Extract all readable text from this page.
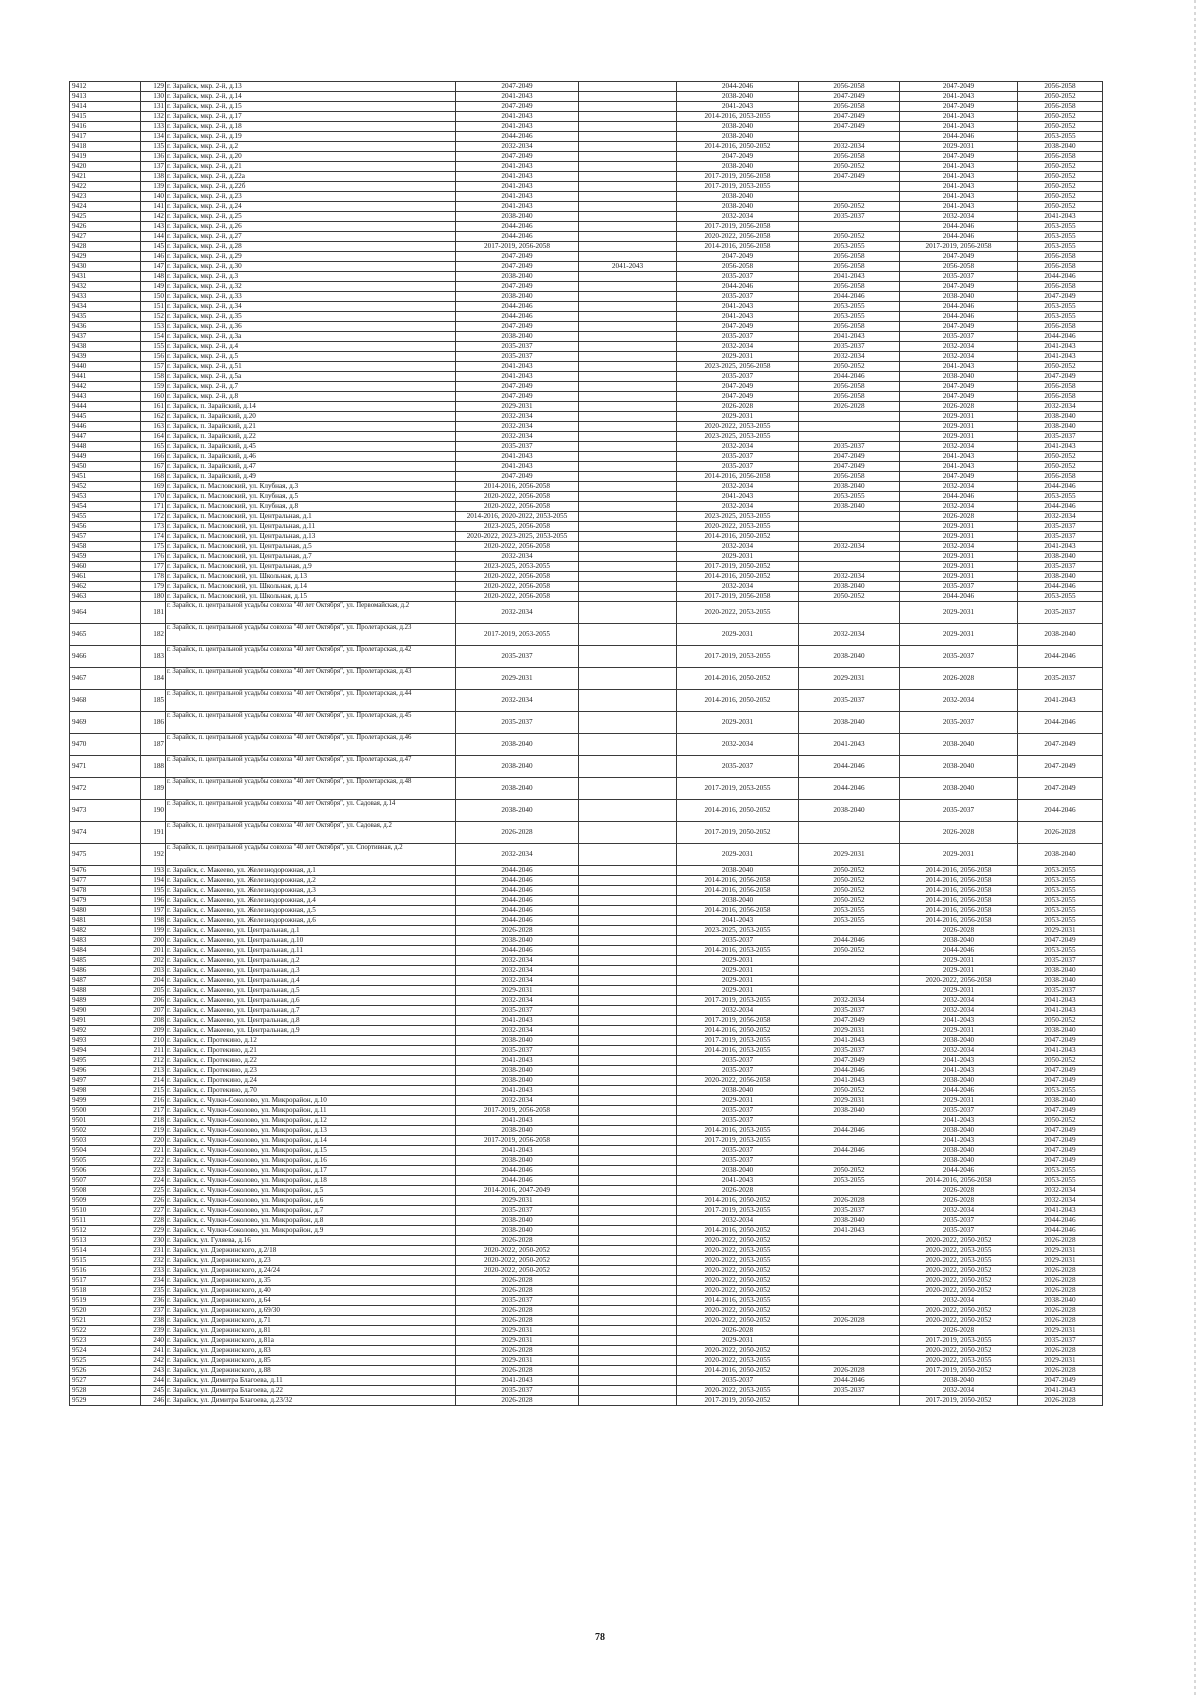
9412	129	г. Зарайск, мкр. 2-й, д.13	2047-2049		2044-2046	2056-2058	2047-2049	2056-2058
9413	130	г. Зарайск, мкр. 2-й, д.14	2041-2043		2038-2040	2047-2049	2041-2043	2050-2052
9414	131	г. Зарайск, мкр. 2-й, д.15	2047-2049		2041-2043	2056-2058	2047-2049	2056-2058
9415	132	г. Зарайск, мкр. 2-й, д.17	2041-2043		2014-2016, 2053-2055	2047-2049	2041-2043	2050-2052
9416	133	г. Зарайск, мкр. 2-й, д.18	2041-2043		2038-2040	2047-2049	2041-2043	2050-2052
9417	134	г. Зарайск, мкр. 2-й, д.19	2044-2046		2038-2040		2044-2046	2053-2055
9418	135	г. Зарайск, мкр. 2-й, д.2	2032-2034		2014-2016, 2050-2052	2032-2034	2029-2031	2038-2040
9419	136	г. Зарайск, мкр. 2-й, д.20	2047-2049		2047-2049	2056-2058	2047-2049	2056-2058
9420	137	г. Зарайск, мкр. 2-й, д.21	2041-2043		2038-2040	2050-2052	2041-2043	2050-2052
9421	138	г. Зарайск, мкр. 2-й, д.22а	2041-2043		2017-2019, 2056-2058	2047-2049	2041-2043	2050-2052
9422	139	г. Зарайск, мкр. 2-й, д.22б	2041-2043		2017-2019, 2053-2055		2041-2043	2050-2052
9423	140	г. Зарайск, мкр. 2-й, д.23	2041-2043		2038-2040		2041-2043	2050-2052
9424	141	г. Зарайск, мкр. 2-й, д.24	2041-2043		2038-2040	2050-2052	2041-2043	2050-2052
9425	142	г. Зарайск, мкр. 2-й, д.25	2038-2040		2032-2034	2035-2037	2032-2034	2041-2043
9426	143	г. Зарайск, мкр. 2-й, д.26	2044-2046		2017-2019, 2056-2058		2044-2046	2053-2055
9427	144	г. Зарайск, мкр. 2-й, д.27	2044-2046		2020-2022, 2056-2058	2050-2052	2044-2046	2053-2055
9428	145	г. Зарайск, мкр. 2-й, д.28	2017-2019, 2056-2058		2014-2016, 2056-2058	2053-2055	2017-2019, 2056-2058	2053-2055
9429	146	г. Зарайск, мкр. 2-й, д.29	2047-2049		2047-2049	2056-2058	2047-2049	2056-2058
9430	147	г. Зарайск, мкр. 2-й, д.30	2047-2049	2041-2043	2056-2058	2056-2058	2056-2058	2056-2058
9431	148	г. Зарайск, мкр. 2-й, д.3	2038-2040		2035-2037	2041-2043	2035-2037	2044-2046
9432	149	г. Зарайск, мкр. 2-й, д.32	2047-2049		2044-2046	2056-2058	2047-2049	2056-2058
9433	150	г. Зарайск, мкр. 2-й, д.33	2038-2040		2035-2037	2044-2046	2038-2040	2047-2049
9434	151	г. Зарайск, мкр. 2-й, д.34	2044-2046		2041-2043	2053-2055	2044-2046	2053-2055
9435	152	г. Зарайск, мкр. 2-й, д.35	2044-2046		2041-2043	2053-2055	2044-2046	2053-2055
9436	153	г. Зарайск, мкр. 2-й, д.36	2047-2049		2047-2049	2056-2058	2047-2049	2056-2058
9437	154	г. Зарайск, мкр. 2-й, д.3а	2038-2040		2035-2037	2041-2043	2035-2037	2044-2046
9438	155	г. Зарайск, мкр. 2-й, д.4	2035-2037		2032-2034	2035-2037	2032-2034	2041-2043
9439	156	г. Зарайск, мкр. 2-й, д.5	2035-2037		2029-2031	2032-2034	2032-2034	2041-2043
9440	157	г. Зарайск, мкр. 2-й, д.51	2041-2043		2023-2025, 2056-2058	2050-2052	2041-2043	2050-2052
9441	158	г. Зарайск, мкр. 2-й, д.5а	2041-2043		2035-2037	2044-2046	2038-2040	2047-2049
9442	159	г. Зарайск, мкр. 2-й, д.7	2047-2049		2047-2049	2056-2058	2047-2049	2056-2058
9443	160	г. Зарайск, мкр. 2-й, д.8	2047-2049		2047-2049	2056-2058	2047-2049	2056-2058
9444	161	г. Зарайск, п. Зарайский, д.14	2029-2031		2026-2028	2026-2028	2026-2028	2032-2034
9445	162	г. Зарайск, п. Зарайский, д.20	2032-2034		2029-2031		2029-2031	2038-2040
9446	163	г. Зарайск, п. Зарайский, д.21	2032-2034		2020-2022, 2053-2055		2029-2031	2038-2040
9447	164	г. Зарайск, п. Зарайский, д.22	2032-2034		2023-2025, 2053-2055		2029-2031	2035-2037
9448	165	г. Зарайск, п. Зарайский, д.45	2035-2037		2032-2034	2035-2037	2032-2034	2041-2043
9449	166	г. Зарайск, п. Зарайский, д.46	2041-2043		2035-2037	2047-2049	2041-2043	2050-2052
9450	167	г. Зарайск, п. Зарайский, д.47	2041-2043		2035-2037	2047-2049	2041-2043	2050-2052
9451	168	г. Зарайск, п. Зарайский, д.49	2047-2049		2014-2016, 2056-2058	2056-2058	2047-2049	2056-2058
9452	169	г. Зарайск, п. Масловский, ул. Клубная, д.3	2014-2016, 2056-2058		2032-2034	2038-2040	2032-2034	2044-2046
9453	170	г. Зарайск, п. Масловский, ул. Клубная, д.5	2020-2022, 2056-2058		2041-2043	2053-2055	2044-2046	2053-2055
9454	171	г. Зарайск, п. Масловский, ул. Клубная, д.8	2020-2022, 2056-2058		2032-2034	2038-2040	2032-2034	2044-2046
9455	172	г. Зарайск, п. Масловский, ул. Центральная, д.1	2014-2016, 2020-2022, 2053-2055		2023-2025, 2053-2055		2026-2028	2032-2034
9456	173	г. Зарайск, п. Масловский, ул. Центральная, д.11	2023-2025, 2056-2058		2020-2022, 2053-2055		2029-2031	2035-2037
9457	174	г. Зарайск, п. Масловский, ул. Центральная, д.13	2020-2022, 2023-2025, 2053-2055		2014-2016, 2050-2052		2029-2031	2035-2037
9458	175	г. Зарайск, п. Масловский, ул. Центральная, д.5	2020-2022, 2056-2058		2032-2034	2032-2034	2032-2034	2041-2043
9459	176	г. Зарайск, п. Масловский, ул. Центральная, д.7	2032-2034		2029-2031		2029-2031	2038-2040
9460	177	г. Зарайск, п. Масловский, ул. Центральная, д.9	2023-2025, 2053-2055		2017-2019, 2050-2052		2029-2031	2035-2037
9461	178	г. Зарайск, п. Масловский, ул. Школьная, д.13	2020-2022, 2056-2058		2014-2016, 2050-2052	2032-2034	2029-2031	2038-2040
9462	179	г. Зарайск, п. Масловский, ул. Школьная, д.14	2020-2022, 2056-2058		2032-2034	2038-2040	2035-2037	2044-2046
9463	180	г. Зарайск, п. Масловский, ул. Школьная, д.15	2020-2022, 2056-2058		2017-2019, 2056-2058	2050-2052	2044-2046	2053-2055
9464	181	г. Зарайск, п. центральной усадьбы совхоза "40 лет Октября", ул. Первомайская, д.2	2032-2034		2020-2022, 2053-2055		2029-2031	2035-2037
9465	182	г. Зарайск, п. центральной усадьбы совхоза "40 лет Октября", ул. Пролетарская, д.23	2017-2019, 2053-2055		2029-2031	2032-2034	2029-2031	2038-2040
9466	183	г. Зарайск, п. центральной усадьбы совхоза "40 лет Октября", ул. Пролетарская, д.42	2035-2037		2017-2019, 2053-2055	2038-2040	2035-2037	2044-2046
9467	184	г. Зарайск, п. центральной усадьбы совхоза "40 лет Октября", ул. Пролетарская, д.43	2029-2031		2014-2016, 2050-2052	2029-2031	2026-2028	2035-2037
9468	185	г. Зарайск, п. центральной усадьбы совхоза "40 лет Октября", ул. Пролетарская, д.44	2032-2034		2014-2016, 2050-2052	2035-2037	2032-2034	2041-2043
9469	186	г. Зарайск, п. центральной усадьбы совхоза "40 лет Октября", ул. Пролетарская, д.45	2035-2037		2029-2031	2038-2040	2035-2037	2044-2046
9470	187	г. Зарайск, п. центральной усадьбы совхоза "40 лет Октября", ул. Пролетарская, д.46	2038-2040		2032-2034	2041-2043	2038-2040	2047-2049
9471	188	г. Зарайск, п. центральной усадьбы совхоза "40 лет Октября", ул. Пролетарская, д.47	2038-2040		2035-2037	2044-2046	2038-2040	2047-2049
9472	189	г. Зарайск, п. центральной усадьбы совхоза "40 лет Октября", ул. Пролетарская, д.48	2038-2040		2017-2019, 2053-2055	2044-2046	2038-2040	2047-2049
9473	190	г. Зарайск, п. центральной усадьбы совхоза "40 лет Октября", ул. Садовая, д.14	2038-2040		2014-2016, 2050-2052	2038-2040	2035-2037	2044-2046
9474	191	г. Зарайск, п. центральной усадьбы совхоза "40 лет Октября", ул. Садовая, д.2	2026-2028		2017-2019, 2050-2052		2026-2028	2026-2028
9475	192	г. Зарайск, п. центральной усадьбы совхоза "40 лет Октября", ул. Спортивная, д.2	2032-2034		2029-2031	2029-2031	2029-2031	2038-2040
9476	193	г. Зарайск, с. Макеево, ул. Железнодорожная, д.1	2044-2046		2038-2040	2050-2052	2014-2016, 2056-2058	2053-2055
9477	194	г. Зарайск, с. Макеево, ул. Железнодорожная, д.2	2044-2046		2014-2016, 2056-2058	2050-2052	2014-2016, 2056-2058	2053-2055
9478	195	г. Зарайск, с. Макеево, ул. Железнодорожная, д.3	2044-2046		2014-2016, 2056-2058	2050-2052	2014-2016, 2056-2058	2053-2055
9479	196	г. Зарайск, с. Макеево, ул. Железнодорожная, д.4	2044-2046		2038-2040	2050-2052	2014-2016, 2056-2058	2053-2055
9480	197	г. Зарайск, с. Макеево, ул. Железнодорожная, д.5	2044-2046		2014-2016, 2056-2058	2053-2055	2014-2016, 2056-2058	2053-2055
9481	198	г. Зарайск, с. Макеево, ул. Железнодорожная, д.6	2044-2046		2041-2043	2053-2055	2014-2016, 2056-2058	2053-2055
9482	199	г. Зарайск, с. Макеево, ул. Центральная, д.1	2026-2028		2023-2025, 2053-2055		2026-2028	2029-2031
9483	200	г. Зарайск, с. Макеево, ул. Центральная, д.10	2038-2040		2035-2037	2044-2046	2038-2040	2047-2049
9484	201	г. Зарайск, с. Макеево, ул. Центральная, д.11	2044-2046		2014-2016, 2053-2055	2050-2052	2044-2046	2053-2055
9485	202	г. Зарайск, с. Макеево, ул. Центральная, д.2	2032-2034		2029-2031		2029-2031	2035-2037
9486	203	г. Зарайск, с. Макеево, ул. Центральная, д.3	2032-2034		2029-2031		2029-2031	2038-2040
9487	204	г. Зарайск, с. Макеево, ул. Центральная, д.4	2032-2034		2029-2031		2020-2022, 2056-2058	2038-2040
9488	205	г. Зарайск, с. Макеево, ул. Центральная, д.5	2029-2031		2029-2031		2029-2031	2035-2037
9489	206	г. Зарайск, с. Макеево, ул. Центральная, д.6	2032-2034		2017-2019, 2053-2055	2032-2034	2032-2034	2041-2043
9490	207	г. Зарайск, с. Макеево, ул. Центральная, д.7	2035-2037		2032-2034	2035-2037	2032-2034	2041-2043
9491	208	г. Зарайск, с. Макеево, ул. Центральная, д.8	2041-2043		2017-2019, 2056-2058	2047-2049	2041-2043	2050-2052
9492	209	г. Зарайск, с. Макеево, ул. Центральная, д.9	2032-2034		2014-2016, 2050-2052	2029-2031	2029-2031	2038-2040
9493	210	г. Зарайск, с. Протекино, д.12	2038-2040		2017-2019, 2053-2055	2041-2043	2038-2040	2047-2049
9494	211	г. Зарайск, с. Протекино, д.21	2035-2037		2014-2016, 2053-2055	2035-2037	2032-2034	2041-2043
9495	212	г. Зарайск, с. Протекино, д.22	2041-2043		2035-2037	2047-2049	2041-2043	2050-2052
9496	213	г. Зарайск, с. Протекино, д.23	2038-2040		2035-2037	2044-2046	2041-2043	2047-2049
9497	214	г. Зарайск, с. Протекино, д.24	2038-2040		2020-2022, 2056-2058	2041-2043	2038-2040	2047-2049
9498	215	г. Зарайск, с. Протекино, д.70	2041-2043		2038-2040	2050-2052	2044-2046	2053-2055
9499	216	г. Зарайск, с. Чулки-Соколово, ул. Микрорайон, д.10	2032-2034		2029-2031	2029-2031	2029-2031	2038-2040
9500	217	г. Зарайск, с. Чулки-Соколово, ул. Микрорайон, д.11	2017-2019, 2056-2058		2035-2037	2038-2040	2035-2037	2047-2049
9501	218	г. Зарайск, с. Чулки-Соколово, ул. Микрорайон, д.12	2041-2043		2035-2037		2041-2043	2050-2052
9502	219	г. Зарайск, с. Чулки-Соколово, ул. Микрорайон, д.13	2038-2040		2014-2016, 2053-2055	2044-2046	2038-2040	2047-2049
9503	220	г. Зарайск, с. Чулки-Соколово, ул. Микрорайон, д.14	2017-2019, 2056-2058		2017-2019, 2053-2055		2041-2043	2047-2049
9504	221	г. Зарайск, с. Чулки-Соколово, ул. Микрорайон, д.15	2041-2043		2035-2037	2044-2046	2038-2040	2047-2049
9505	222	г. Зарайск, с. Чулки-Соколово, ул. Микрорайон, д.16	2038-2040		2035-2037		2038-2040	2047-2049
9506	223	г. Зарайск, с. Чулки-Соколово, ул. Микрорайон, д.17	2044-2046		2038-2040	2050-2052	2044-2046	2053-2055
9507	224	г. Зарайск, с. Чулки-Соколово, ул. Микрорайон, д.18	2044-2046		2041-2043	2053-2055	2014-2016, 2056-2058	2053-2055
9508	225	г. Зарайск, с. Чулки-Соколово, ул. Микрорайон, д.5	2014-2016, 2047-2049		2026-2028		2026-2028	2032-2034
9509	226	г. Зарайск, с. Чулки-Соколово, ул. Микрорайон, д.6	2029-2031		2014-2016, 2050-2052	2026-2028	2026-2028	2032-2034
9510	227	г. Зарайск, с. Чулки-Соколово, ул. Микрорайон, д.7	2035-2037		2017-2019, 2053-2055	2035-2037	2032-2034	2041-2043
9511	228	г. Зарайск, с. Чулки-Соколово, ул. Микрорайон, д.8	2038-2040		2032-2034	2038-2040	2035-2037	2044-2046
9512	229	г. Зарайск, с. Чулки-Соколово, ул. Микрорайон, д.9	2038-2040		2014-2016, 2050-2052	2041-2043	2035-2037	2044-2046
9513	230	г. Зарайск, ул. Гуляева, д.16	2026-2028		2020-2022, 2050-2052		2020-2022, 2050-2052	2026-2028
9514	231	г. Зарайск, ул. Дзержинского, д.2/18	2020-2022, 2050-2052		2020-2022, 2053-2055		2020-2022, 2053-2055	2029-2031
9515	232	г. Зарайск, ул. Дзержинского, д.23	2020-2022, 2050-2052		2020-2022, 2053-2055		2020-2022, 2053-2055	2029-2031
9516	233	г. Зарайск, ул. Дзержинского, д.24/24	2020-2022, 2050-2052		2020-2022, 2050-2052		2020-2022, 2050-2052	2026-2028
9517	234	г. Зарайск, ул. Дзержинского, д.35	2026-2028		2020-2022, 2050-2052		2020-2022, 2050-2052	2026-2028
9518	235	г. Зарайск, ул. Дзержинского, д.40	2026-2028		2020-2022, 2050-2052		2020-2022, 2050-2052	2026-2028
9519	236	г. Зарайск, ул. Дзержинского, д.64	2035-2037		2014-2016, 2053-2055		2032-2034	2038-2040
9520	237	г. Зарайск, ул. Дзержинского, д.69/30	2026-2028		2020-2022, 2050-2052		2020-2022, 2050-2052	2026-2028
9521	238	г. Зарайск, ул. Дзержинского, д.71	2026-2028		2020-2022, 2050-2052	2026-2028	2020-2022, 2050-2052	2026-2028
9522	239	г. Зарайск, ул. Дзержинского, д.81	2029-2031		2026-2028		2026-2028	2029-2031
9523	240	г. Зарайск, ул. Дзержинского, д.81а	2029-2031		2029-2031		2017-2019, 2053-2055	2035-2037
9524	241	г. Зарайск, ул. Дзержинского, д.83	2026-2028		2020-2022, 2050-2052		2020-2022, 2050-2052	2026-2028
9525	242	г. Зарайск, ул. Дзержинского, д.85	2029-2031		2020-2022, 2053-2055		2020-2022, 2053-2055	2029-2031
9526	243	г. Зарайск, ул. Дзержинского, д.88	2026-2028		2014-2016, 2050-2052	2026-2028	2017-2019, 2050-2052	2026-2028
9527	244	г. Зарайск, ул. Димитра Благоева, д.11	2041-2043		2035-2037	2044-2046	2038-2040	2047-2049
9528	245	г. Зарайск, ул. Димитра Благоева, д.22	2035-2037		2020-2022, 2053-2055	2035-2037	2032-2034	2041-2043
9529	246	г. Зарайск, ул. Димитра Благоева, д.23/32	2026-2028		2017-2019, 2050-2052		2017-2019, 2050-2052	2026-2028
78
